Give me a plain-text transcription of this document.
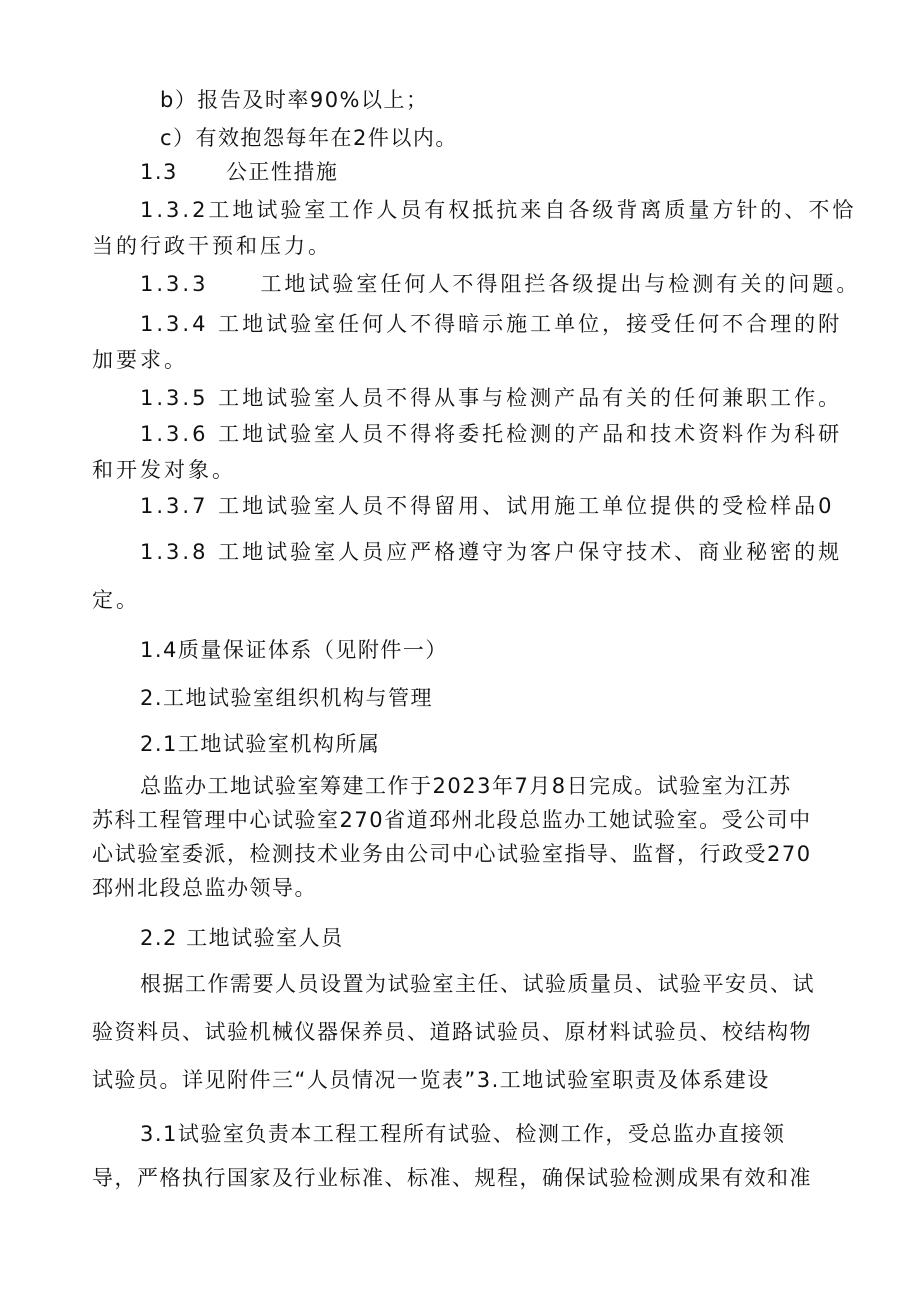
b）报告及时率90%以上；
c）有效抱怨每年在2件以内。
1.3 公正性措施
1.3.2工地试验室工作人员有权抵抗来自各级背离质量方针的、不恰
当的行政干预和压力。
1.3.3 工地试验室任何人不得阻拦各级提出与检测有关的问题。
1.3.4 工地试验室任何人不得暗示施工单位，接受任何不合理的附
加要求。
1.3.5 工地试验室人员不得从事与检测产品有关的任何兼职工作。
1.3.6 工地试验室人员不得将委托检测的产品和技术资料作为科研
和开发对象。
1.3.7 工地试验室人员不得留用、试用施工单位提供的受检样品0
1.3.8 工地试验室人员应严格遵守为客户保守技术、商业秘密的规
定。
1.4质量保证体系（见附件一）
2.工地试验室组织机构与管理
2.1工地试验室机构所属
总监办工地试验室筹建工作于2023年7月8日完成。试验室为江苏
苏科工程管理中心试验室270省道邳州北段总监办工她试验室。受公司中
心试验室委派，检测技术业务由公司中心试验室指导、监督，行政受270
邳州北段总监办领导。
2.2 工地试验室人员
根据工作需要人员设置为试验室主任、试验质量员、试验平安员、试
验资料员、试验机械仪器保养员、道路试验员、原材料试验员、校结构物
试验员。详见附件三“人员情况一览表”3.工地试验室职责及体系建设
3.1试验室负责本工程工程所有试验、检测工作，受总监办直接领
导，严格执行国家及行业标准、标准、规程，确保试验检测成果有效和准
